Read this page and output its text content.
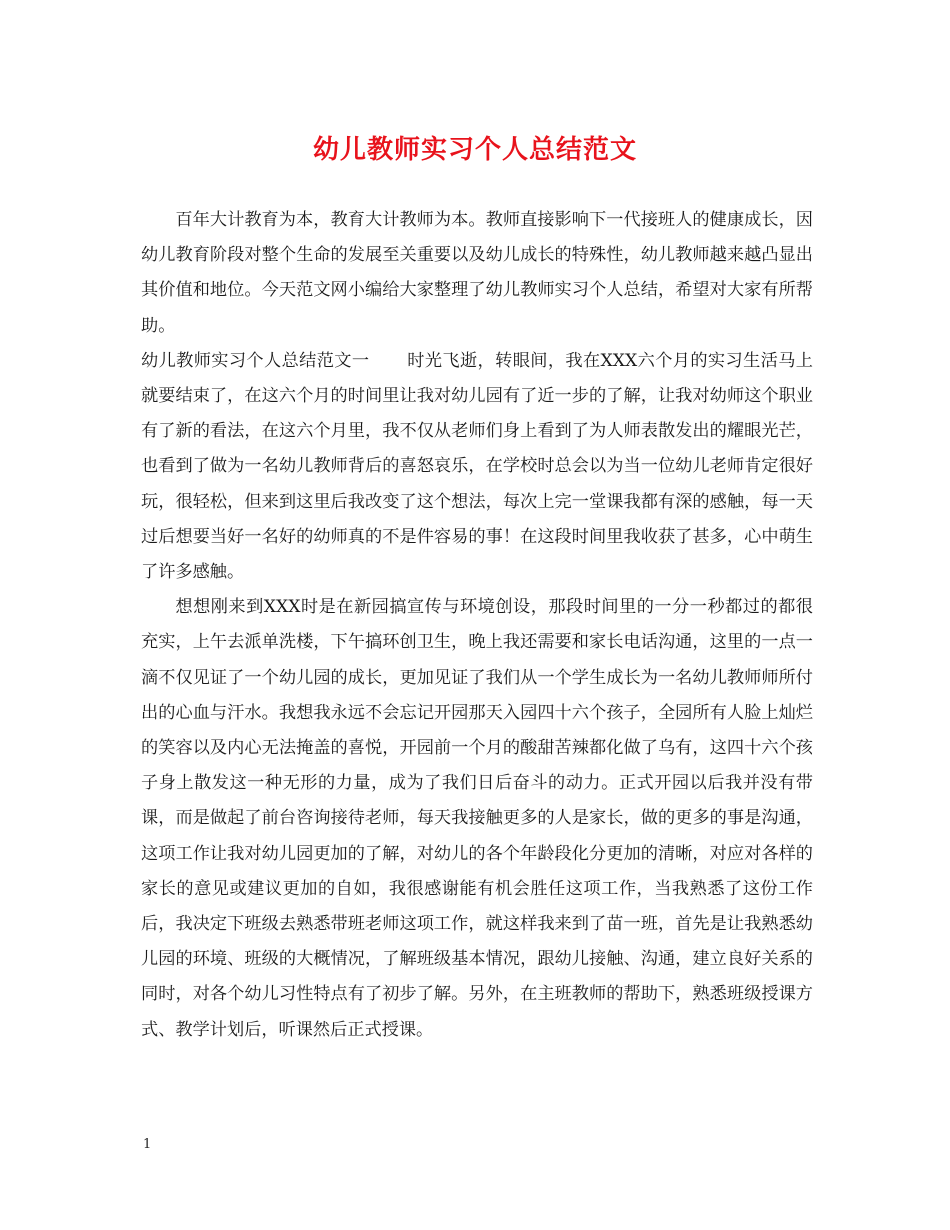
幼儿教师实习个人总结范文

百年大计教育为本，教育大计教师为本。教师直接影响下一代接班人的健康成长，因幼儿教育阶段对整个生命的发展至关重要以及幼儿成长的特殊性，幼儿教师越来越凸显出其价值和地位。今天范文网小编给大家整理了幼儿教师实习个人总结，希望对大家有所帮助。

幼儿教师实习个人总结范文一 时光飞逝，转眼间，我在XXX六个月的实习生活马上就要结束了，在这六个月的时间里让我对幼儿园有了近一步的了解，让我对幼师这个职业有了新的看法，在这六个月里，我不仅从老师们身上看到了为人师表散发出的耀眼光芒，也看到了做为一名幼儿教师背后的喜怒哀乐，在学校时总会以为当一位幼儿老师肯定很好玩，很轻松，但来到这里后我改变了这个想法，每次上完一堂课我都有深的感触，每一天过后想要当好一名好的幼师真的不是件容易的事！在这段时间里我收获了甚多，心中萌生了许多感触。

想想刚来到XXX时是在新园搞宣传与环境创设，那段时间里的一分一秒都过的都很充实，上午去派单洗楼，下午搞环创卫生，晚上我还需要和家长电话沟通，这里的一点一滴不仅见证了一个幼儿园的成长，更加见证了我们从一个学生成长为一名幼儿教师师所付出的心血与汗水。我想我永远不会忘记开园那天入园四十六个孩子，全园所有人脸上灿烂的笑容以及内心无法掩盖的喜悦，开园前一个月的酸甜苦辣都化做了乌有，这四十六个孩子身上散发这一种无形的力量，成为了我们日后奋斗的动力。正式开园以后我并没有带课，而是做起了前台咨询接待老师，每天我接触更多的人是家长，做的更多的事是沟通，这项工作让我对幼儿园更加的了解，对幼儿的各个年龄段化分更加的清晰，对应对各样的家长的意见或建议更加的自如，我很感谢能有机会胜任这项工作，当我熟悉了这份工作后，我决定下班级去熟悉带班老师这项工作，就这样我来到了苗一班，首先是让我熟悉幼儿园的环境、班级的大概情况，了解班级基本情况，跟幼儿接触、沟通，建立良好关系的同时，对各个幼儿习性特点有了初步了解。另外，在主班教师的帮助下，熟悉班级授课方式、教学计划后，听课然后正式授课。

1
